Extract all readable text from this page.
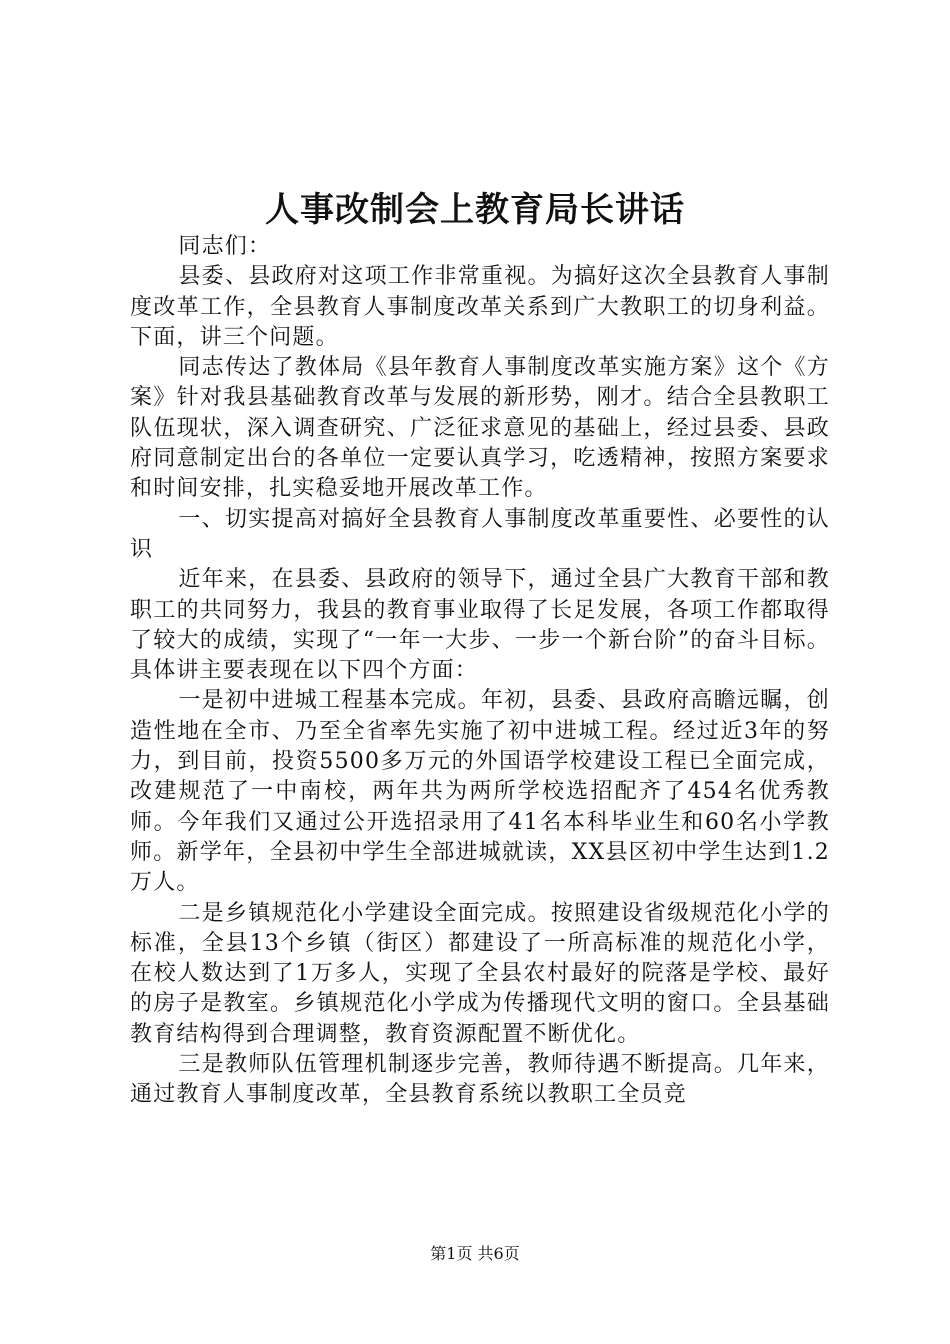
人事改制会上教育局长讲话

同志们：

县委、县政府对这项工作非常重视。为搞好这次全县教育人事制度改革工作，全县教育人事制度改革关系到广大教职工的切身利益。下面，讲三个问题。

同志传达了教体局《县年教育人事制度改革实施方案》这个《方案》针对我县基础教育改革与发展的新形势，刚才。结合全县教职工队伍现状，深入调查研究、广泛征求意见的基础上，经过县委、县政府同意制定出台的各单位一定要认真学习，吃透精神，按照方案要求和时间安排，扎实稳妥地开展改革工作。

一、切实提高对搞好全县教育人事制度改革重要性、必要性的认识

近年来，在县委、县政府的领导下，通过全县广大教育干部和教职工的共同努力，我县的教育事业取得了长足发展，各项工作都取得了较大的成绩，实现了“一年一大步、一步一个新台阶”的奋斗目标。具体讲主要表现在以下四个方面：

一是初中进城工程基本完成。年初，县委、县政府高瞻远瞩，创造性地在全市、乃至全省率先实施了初中进城工程。经过近3年的努力，到目前，投资5500多万元的外国语学校建设工程已全面完成，改建规范了一中南校，两年共为两所学校选招配齐了454名优秀教师。今年我们又通过公开选招录用了41名本科毕业生和60名小学教师。新学年，全县初中学生全部进城就读，XX县区初中学生达到1.2万人。

二是乡镇规范化小学建设全面完成。按照建设省级规范化小学的标准，全县13个乡镇（街区）都建设了一所高标准的规范化小学，在校人数达到了1万多人，实现了全县农村最好的院落是学校、最好的房子是教室。乡镇规范化小学成为传播现代文明的窗口。全县基础教育结构得到合理调整，教育资源配置不断优化。

三是教师队伍管理机制逐步完善，教师待遇不断提高。几年来，通过教育人事制度改革，全县教育系统以教职工全员竞

第1页 共6页
